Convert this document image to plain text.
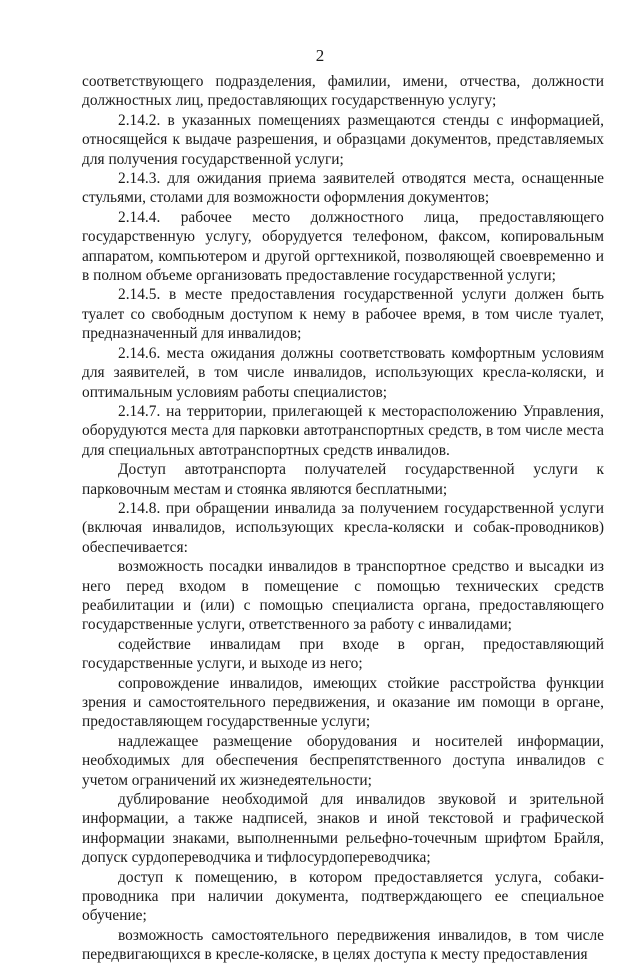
2

соответствующего подразделения, фамилии, имени, отчества, должности должностных лиц, предоставляющих государственную услугу;

2.14.2. в указанных помещениях размещаются стенды с информацией, относящейся к выдаче разрешения, и образцами документов, представляемых для получения государственной услуги;

2.14.3. для ожидания приема заявителей отводятся места, оснащенные стульями, столами для возможности оформления документов;

2.14.4. рабочее место должностного лица, предоставляющего государственную услугу, оборудуется телефоном, факсом, копировальным аппаратом, компьютером и другой оргтехникой, позволяющей своевременно и в полном объеме организовать предоставление государственной услуги;

2.14.5. в месте предоставления государственной услуги должен быть туалет со свободным доступом к нему в рабочее время, в том числе туалет, предназначенный для инвалидов;

2.14.6. места ожидания должны соответствовать комфортным условиям для заявителей, в том числе инвалидов, использующих кресла-коляски, и оптимальным условиям работы специалистов;

2.14.7. на территории, прилегающей к месторасположению Управления, оборудуются места для парковки автотранспортных средств, в том числе места для специальных автотранспортных средств инвалидов.

Доступ автотранспорта получателей государственной услуги к парковочным местам и стоянка являются бесплатными;

2.14.8. при обращении инвалида за получением государственной услуги (включая инвалидов, использующих кресла-коляски и собак-проводников) обеспечивается:

возможность посадки инвалидов в транспортное средство и высадки из него перед входом в помещение с помощью технических средств реабилитации и (или) с помощью специалиста органа, предоставляющего государственные услуги, ответственного за работу с инвалидами;

содействие инвалидам при входе в орган, предоставляющий государственные услуги, и выходе из него;

сопровождение инвалидов, имеющих стойкие расстройства функции зрения и самостоятельного передвижения, и оказание им помощи в органе, предоставляющем государственные услуги;

надлежащее размещение оборудования и носителей информации, необходимых для обеспечения беспрепятственного доступа инвалидов с учетом ограничений их жизнедеятельности;

дублирование необходимой для инвалидов звуковой и зрительной информации, а также надписей, знаков и иной текстовой и графической информации знаками, выполненными рельефно-точечным шрифтом Брайля, допуск сурдопереводчика и тифлосурдопереводчика;

доступ к помещению, в котором предоставляется услуга, собаки-проводника при наличии документа, подтверждающего ее специальное обучение;

возможность самостоятельного передвижения инвалидов, в том числе передвигающихся в кресле-коляске, в целях доступа к месту предоставления
